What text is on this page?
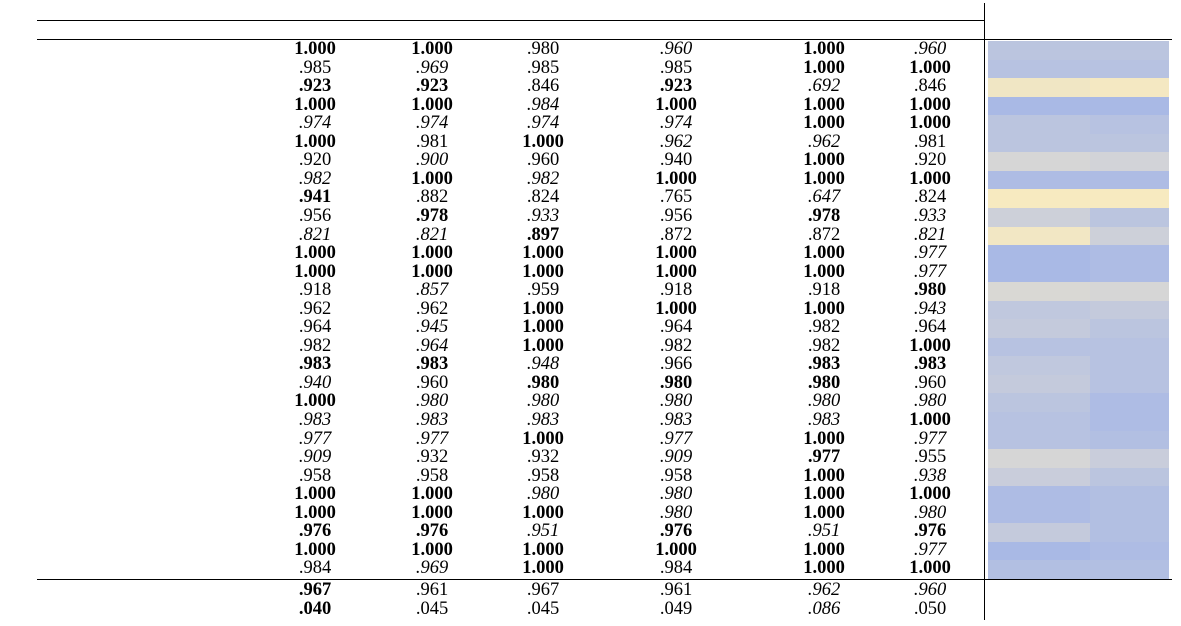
1.000	1.000	.980	.960	1.000	.960
.985	.969	.985	.985	1.000	1.000
.923	.923	.846	.923	.692	.846
1.000	1.000	.984	1.000	1.000	1.000
.974	.974	.974	.974	1.000	1.000
1.000	.981	1.000	.962	.962	.981
.920	.900	.960	.940	1.000	.920
.982	1.000	.982	1.000	1.000	1.000
.941	.882	.824	.765	.647	.824
.956	.978	.933	.956	.978	.933
.821	.821	.897	.872	.872	.821
1.000	1.000	1.000	1.000	1.000	.977
1.000	1.000	1.000	1.000	1.000	.977
.918	.857	.959	.918	.918	.980
.962	.962	1.000	1.000	1.000	.943
.964	.945	1.000	.964	.982	.964
.982	.964	1.000	.982	.982	1.000
.983	.983	.948	.966	.983	.983
.940	.960	.980	.980	.980	.960
1.000	.980	.980	.980	.980	.980
.983	.983	.983	.983	.983	1.000
.977	.977	1.000	.977	1.000	.977
.909	.932	.932	.909	.977	.955
.958	.958	.958	.958	1.000	.938
1.000	1.000	.980	.980	1.000	1.000
1.000	1.000	1.000	.980	1.000	.980
.976	.976	.951	.976	.951	.976
1.000	1.000	1.000	1.000	1.000	.977
.984	.969	1.000	.984	1.000	1.000
.967	.961	.967	.961	.962	.960
.040	.045	.045	.049	.086	.050
